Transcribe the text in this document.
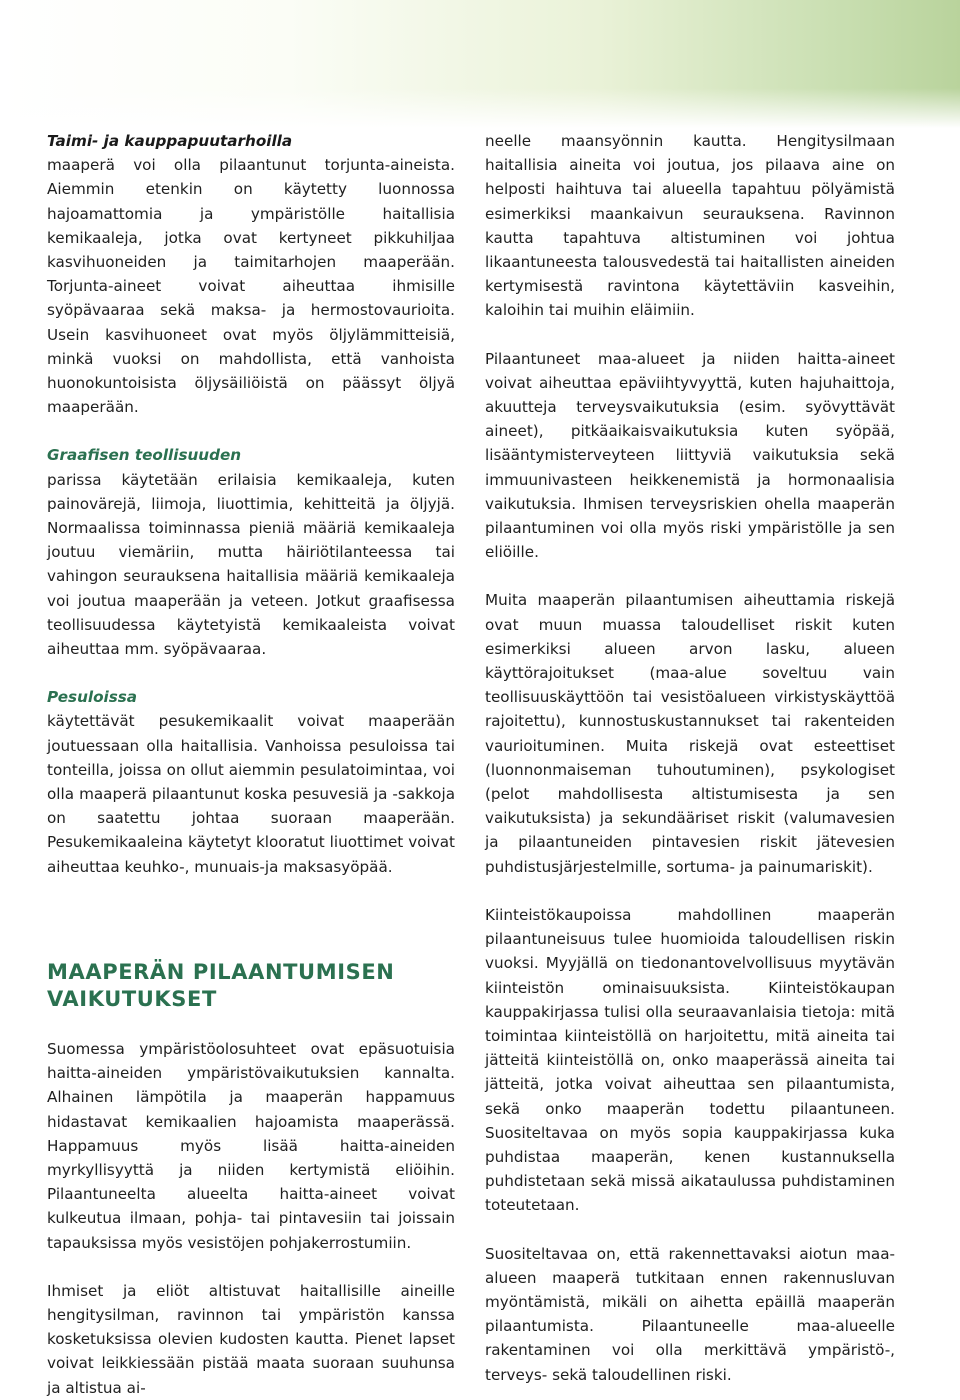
Taimi- ja kauppapuutarhoilla

maaperä voi olla pilaantunut torjunta-aineista. Aiemmin etenkin on käytetty luonnossa hajoamattomia ja ympäristölle haitallisia kemikaaleja, jotka ovat kertyneet pikkuhiljaa kasvihuoneiden ja taimitarhojen maaperään. Torjunta-aineet voivat aiheuttaa ihmisille syöpävaaraa sekä maksa- ja hermostovaurioita. Usein kasvihuoneet ovat myös öljylämmitteisiä, minkä vuoksi on mahdollista, että vanhoista huonokuntoisista öljysäiliöistä on päässyt öljyä maaperään.

Graafisen teollisuuden

parissa käytetään erilaisia kemikaaleja, kuten painovärejä, liimoja, liuottimia, kehitteitä ja öljyjä. Normaalissa toiminnassa pieniä määriä kemikaaleja joutuu viemäriin, mutta häiriötilanteessa tai vahingon seurauksena haitallisia määriä kemikaaleja voi joutua maaperään ja veteen. Jotkut graafisessa teollisuudessa käytetyistä kemikaaleista voivat aiheuttaa mm. syöpävaaraa.

Pesuloissa

käytettävät pesukemikaalit voivat maaperään joutuessaan olla haitallisia. Vanhoissa pesuloissa tai tonteilla, joissa on ollut aiemmin pesulatoimintaa, voi olla maaperä pilaantunut koska pesuvesiä ja -sakkoja on saatettu johtaa suoraan maaperään. Pesukemikaaleina käytetyt klooratut liuottimet voivat aiheuttaa keuhko-, munuais-ja maksasyöpää.

MAAPERÄN PILAANTUMISEN
VAIKUTUKSET

Suomessa ympäristöolosuhteet ovat epäsuotuisia haitta-aineiden ympäristövaikutuksien kannalta. Alhainen lämpötila ja maaperän happamuus hidastavat kemikaalien hajoamista maaperässä. Happamuus myös lisää haitta-aineiden myrkyllisyyttä ja niiden kertymistä eliöihin. Pilaantuneelta alueelta haitta-aineet voivat kulkeutua ilmaan, pohja- tai pintavesiin tai joissain tapauksissa myös vesistöjen pohjakerrostumiin.

Ihmiset ja eliöt altistuvat haitallisille aineille hengitysilman, ravinnon tai ympäristön kanssa kosketuksissa olevien kudosten kautta. Pienet lapset voivat leikkiessään pistää maata suoraan suuhunsa ja altistua ai-

neelle maansyönnin kautta. Hengitysilmaan haitallisia aineita voi joutua, jos pilaava aine on helposti haihtuva tai alueella tapahtuu pölyämistä esimerkiksi maankaivun seurauksena. Ravinnon kautta tapahtuva altistuminen voi johtua likaantuneesta talousvedestä tai haitallisten aineiden kertymisestä ravintona käytettäviin kasveihin, kaloihin tai muihin eläimiin.

Pilaantuneet maa-alueet ja niiden haitta-aineet voivat aiheuttaa epäviihtyvyyttä, kuten hajuhaittoja, akuutteja terveysvaikutuksia (esim. syövyttävät aineet), pitkäaikaisvaikutuksia kuten syöpää, lisääntymisterveyteen liittyviä vaikutuksia sekä immuunivasteen heikkenemistä ja hormonaalisia vaikutuksia. Ihmisen terveysriskien ohella maaperän pilaantuminen voi olla myös riski ympäristölle ja sen eliöille.

Muita maaperän pilaantumisen aiheuttamia riskejä ovat muun muassa taloudelliset riskit kuten esimerkiksi alueen arvon lasku, alueen käyttörajoitukset (maa-alue soveltuu vain teollisuuskäyttöön tai vesistöalueen virkistyskäyttöä rajoitettu), kunnostuskustannukset tai rakenteiden vaurioituminen. Muita riskejä ovat esteettiset (luonnonmaiseman tuhoutuminen), psykologiset (pelot mahdollisesta altistumisesta ja sen vaikutuksista) ja sekundääriset riskit (valumavesien ja pilaantuneiden pintavesien riskit jätevesien puhdistusjärjestelmille, sortuma- ja painumariskit).

Kiinteistökaupoissa mahdollinen maaperän pilaantuneisuus tulee huomioida taloudellisen riskin vuoksi. Myyjällä on tiedonantovelvollisuus myytävän kiinteistön ominaisuuksista. Kiinteistökaupan kauppakirjassa tulisi olla seuraavanlaisia tietoja: mitä toimintaa kiinteistöllä on harjoitettu, mitä aineita tai jätteitä kiinteistöllä on, onko maaperässä aineita tai jätteitä, jotka voivat aiheuttaa sen pilaantumista, sekä onko maaperän todettu pilaantuneen. Suositeltavaa on myös sopia kauppakirjassa kuka puhdistaa maaperän, kenen kustannuksella puhdistetaan sekä missä aikataulussa puhdistaminen toteutetaan.

Suositeltavaa on, että rakennettavaksi aiotun maa-alueen maaperä tutkitaan ennen rakennusluvan myöntämistä, mikäli on aihetta epäillä maaperän pilaantumista. Pilaantuneelle maa-alueelle rakentaminen voi olla merkittävä ympäristö-, terveys- sekä taloudellinen riski.
